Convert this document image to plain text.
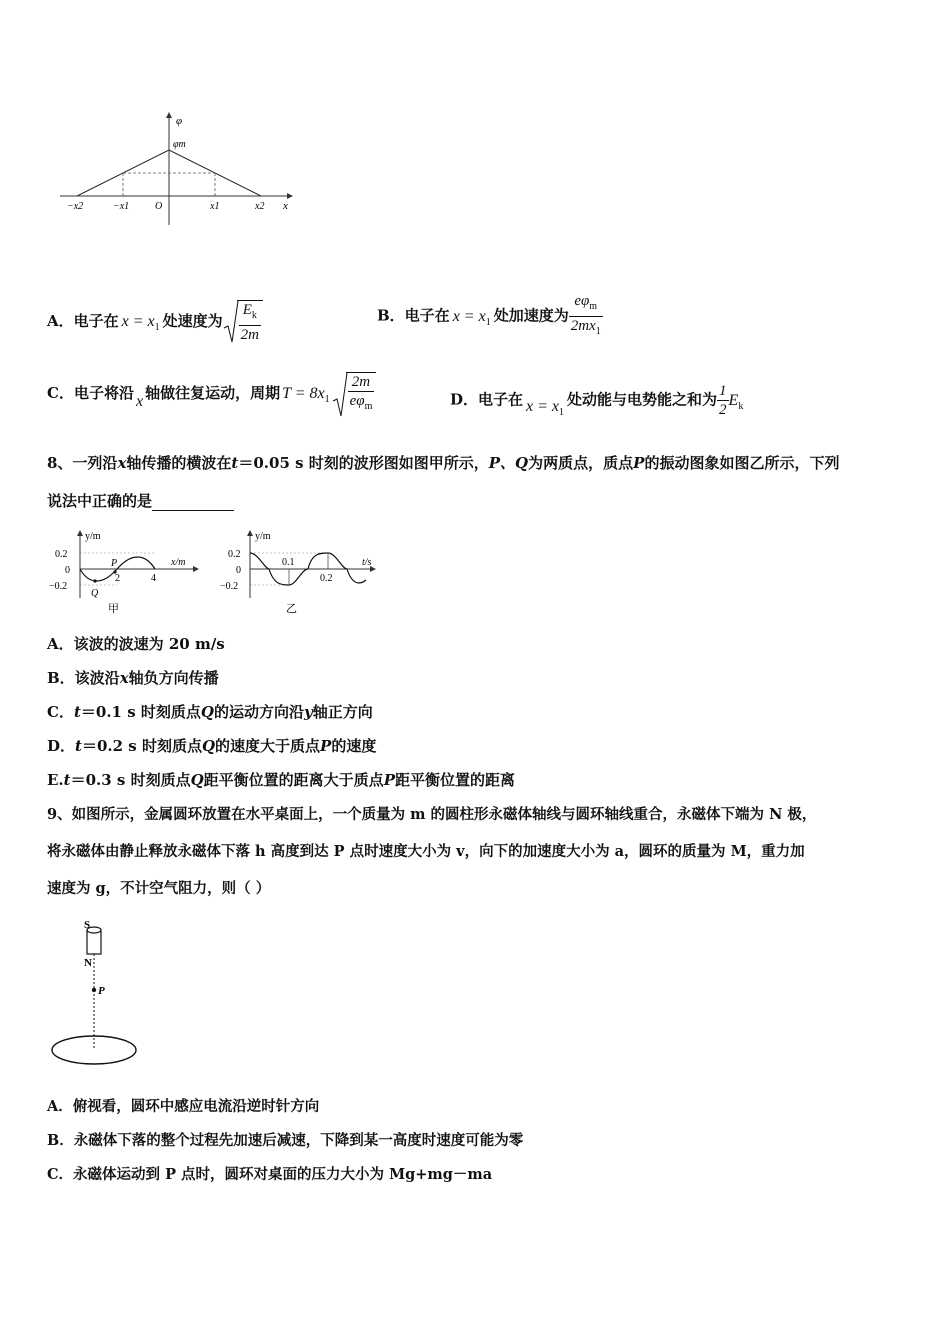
φ
φm
x
−x2	−x1	O	x1	x2
A．电子在 $x = x_1$ 处速度为 $\frac{E_k}{2m}$	B．电子在 $x = x_1$ 处加速度为 $\frac{e\varphi_m}{2mx_1}$
C．电子将沿 x 轴做往复运动，周期 $T = 8x_1 \frac{2m}{e\varphi_m}$	D．电子在 $x = x_1$处动能与电势能之和为 $\frac{1}{2} E_k$
8、一列沿x轴传播的横波在t＝0.05 s 时刻的波形图如图甲所示，P、Q为两质点，质点P的振动图象如图乙所示，下列
说法中正确的是
y/m
x/m
0.2
0
−0.2
2	4
P
Q
甲
y/m
t/s
0.2
0
−0.2
0.1
0.2
乙
A．该波的波速为 20 m/s
B．该波沿x轴负方向传播
C．t＝0.1 s 时刻质点Q的运动方向沿y轴正方向
D．t＝0.2 s 时刻质点Q的速度大于质点P的速度
E.t＝0.3 s 时刻质点Q距平衡位置的距离大于质点P距平衡位置的距离
9、如图所示，金属圆环放置在水平桌面上，一个质量为 m 的圆柱形永磁体轴线与圆环轴线重合，永磁体下端为 N 极，
将永磁体由静止释放永磁体下落 h 高度到达 P 点时速度大小为 v，向下的加速度大小为 a，圆环的质量为 M，重力加
速度为 g，不计空气阻力，则（ ）
S
N
P
A．俯视看，圆环中感应电流沿逆时针方向
B．永磁体下落的整个过程先加速后减速，下降到某一高度时速度可能为零
C．永磁体运动到 P 点时，圆环对桌面的压力大小为 Mg+mg－ma
